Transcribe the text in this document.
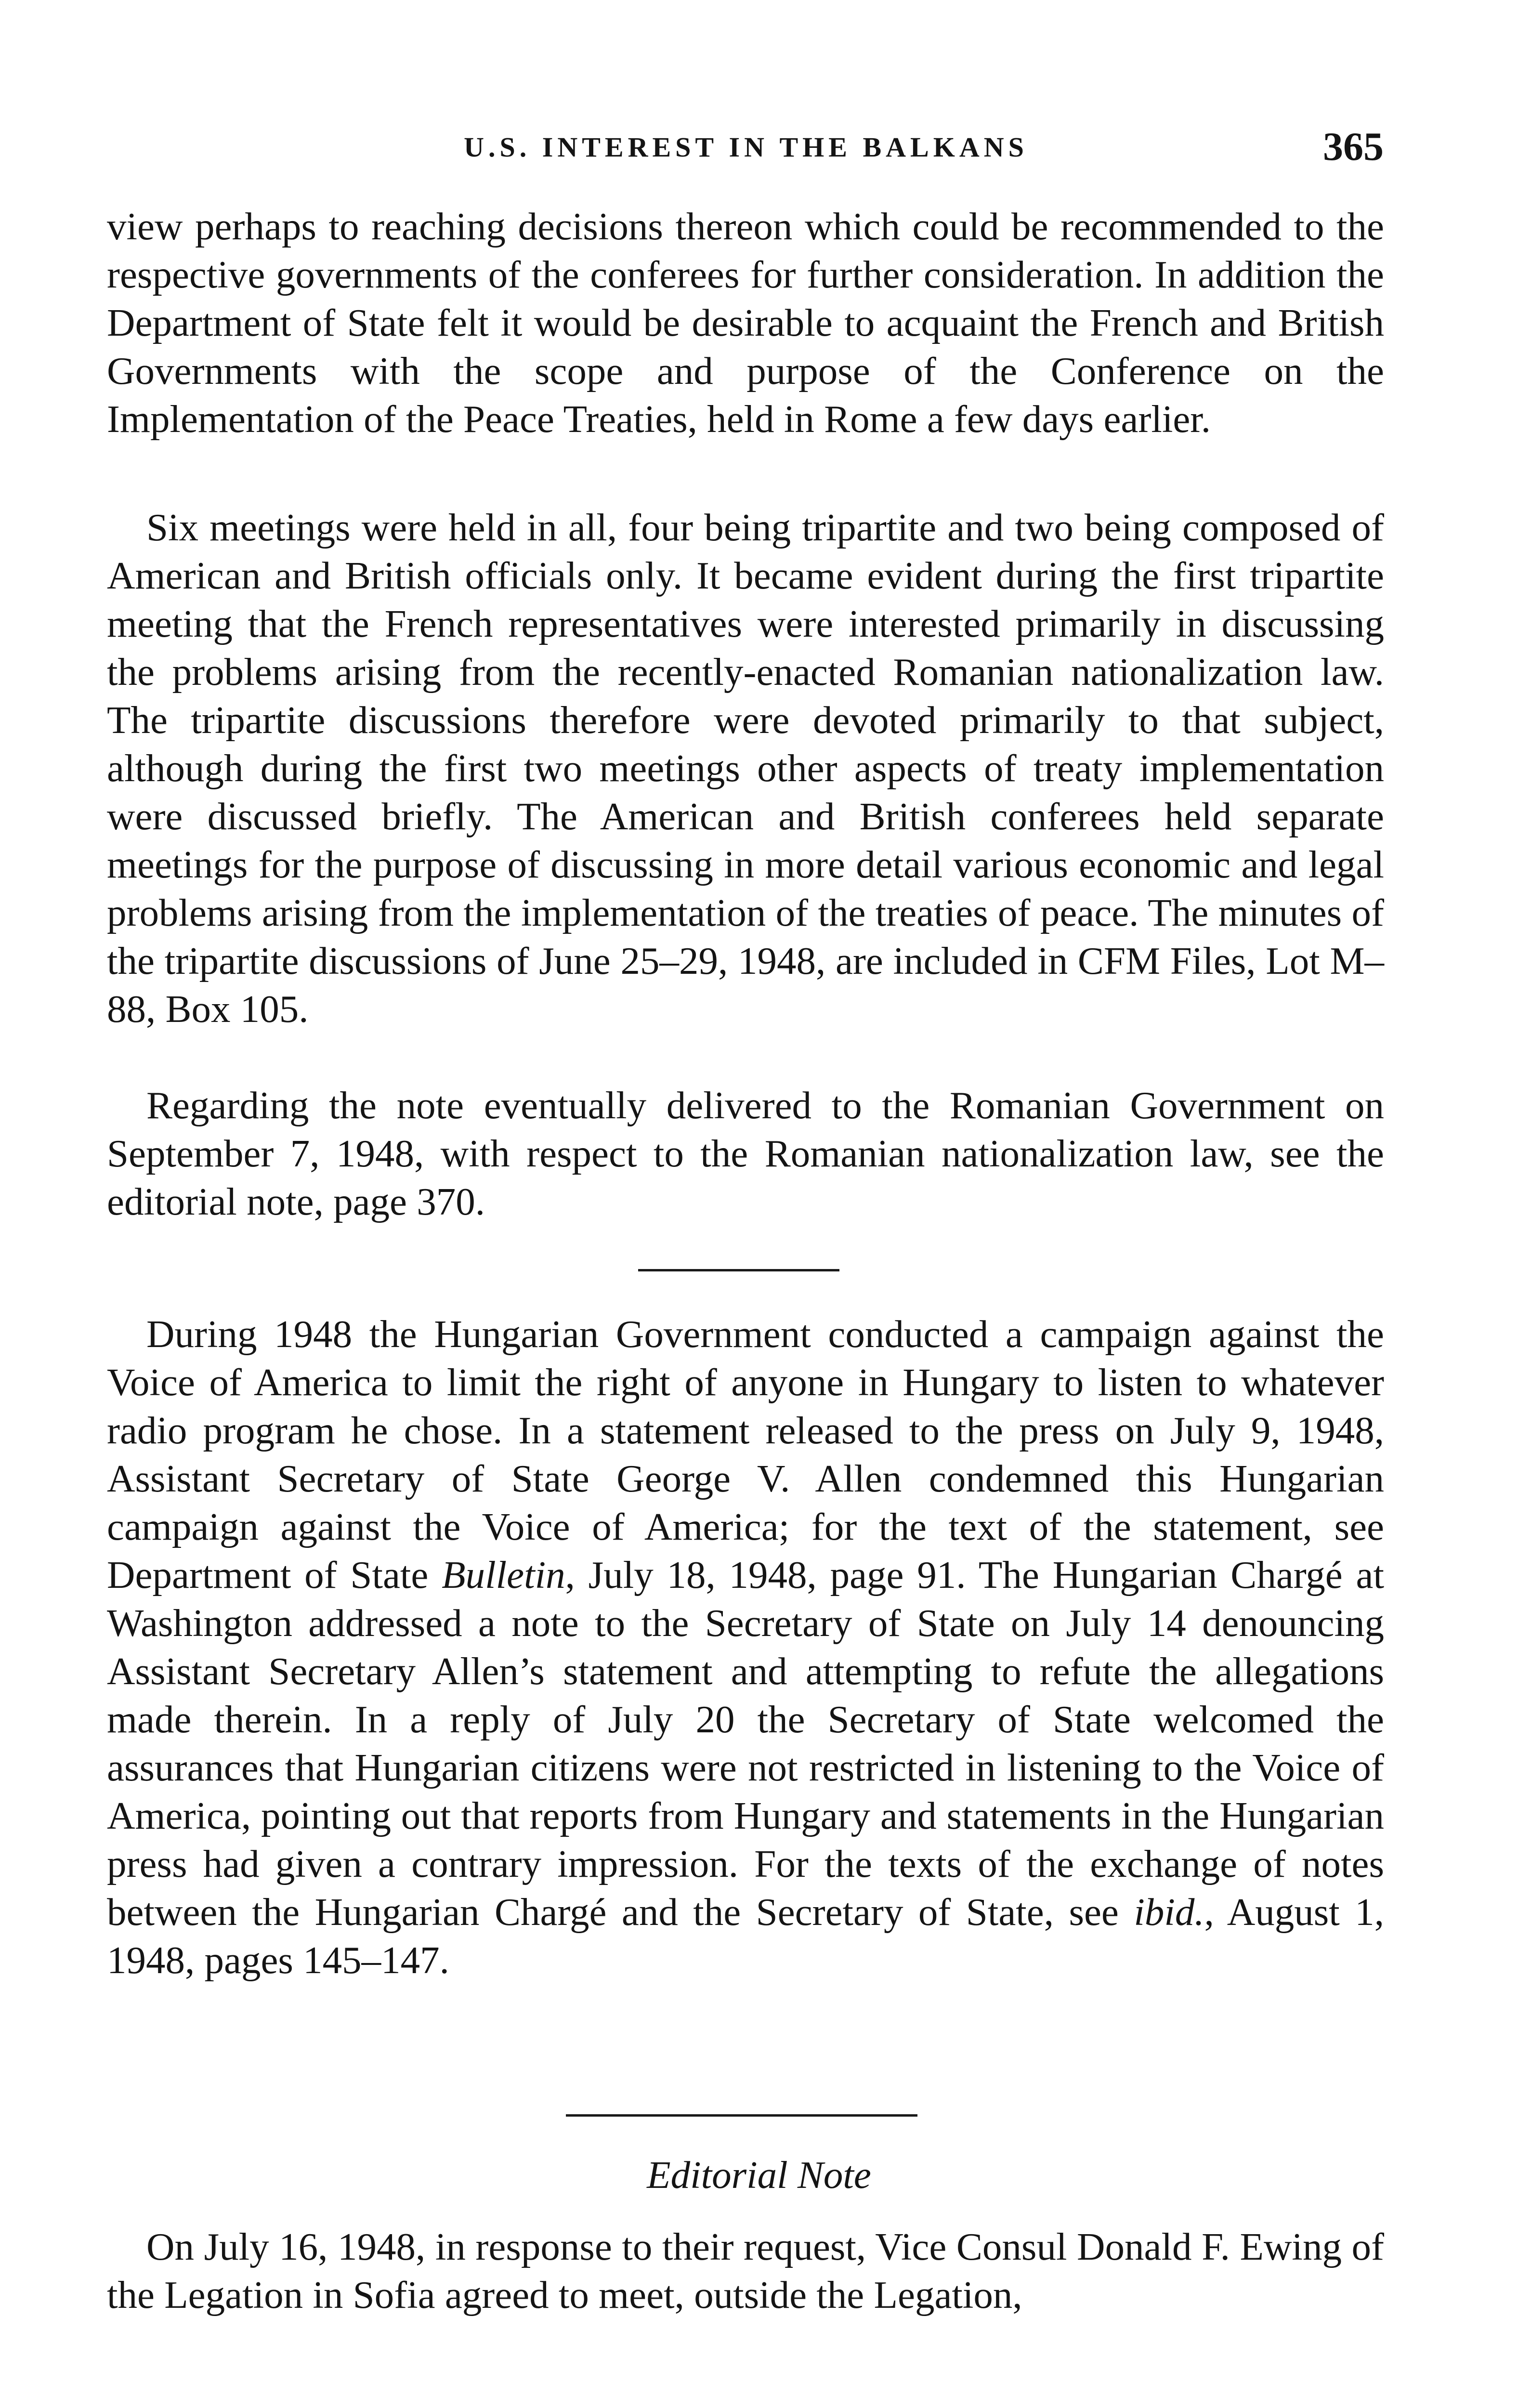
U.S. INTEREST IN THE BALKANS	365

view perhaps to reaching decisions thereon which could be recommended to the respective governments of the conferees for further consideration. In addition the Department of State felt it would be desirable to acquaint the French and British Governments with the scope and purpose of the Conference on the Implementation of the Peace Treaties, held in Rome a few days earlier.

Six meetings were held in all, four being tripartite and two being composed of American and British officials only. It became evident during the first tripartite meeting that the French representatives were interested primarily in discussing the problems arising from the recently-enacted Romanian nationalization law. The tripartite discussions therefore were devoted primarily to that subject, although during the first two meetings other aspects of treaty implementation were discussed briefly. The American and British conferees held separate meetings for the purpose of discussing in more detail various economic and legal problems arising from the implementation of the treaties of peace. The minutes of the tripartite discussions of June 25–29, 1948, are included in CFM Files, Lot M–88, Box 105.

Regarding the note eventually delivered to the Romanian Government on September 7, 1948, with respect to the Romanian nationalization law, see the editorial note, page 370.

During 1948 the Hungarian Government conducted a campaign against the Voice of America to limit the right of anyone in Hungary to listen to whatever radio program he chose. In a statement released to the press on July 9, 1948, Assistant Secretary of State George V. Allen condemned this Hungarian campaign against the Voice of America; for the text of the statement, see Department of State Bulletin, July 18, 1948, page 91. The Hungarian Chargé at Washington addressed a note to the Secretary of State on July 14 denouncing Assistant Secretary Allen’s statement and attempting to refute the allegations made therein. In a reply of July 20 the Secretary of State welcomed the assurances that Hungarian citizens were not restricted in listening to the Voice of America, pointing out that reports from Hungary and statements in the Hungarian press had given a contrary impression. For the texts of the exchange of notes between the Hungarian Chargé and the Secretary of State, see ibid., August 1, 1948, pages 145–147.

Editorial Note

On July 16, 1948, in response to their request, Vice Consul Donald F. Ewing of the Legation in Sofia agreed to meet, outside the Legation,
